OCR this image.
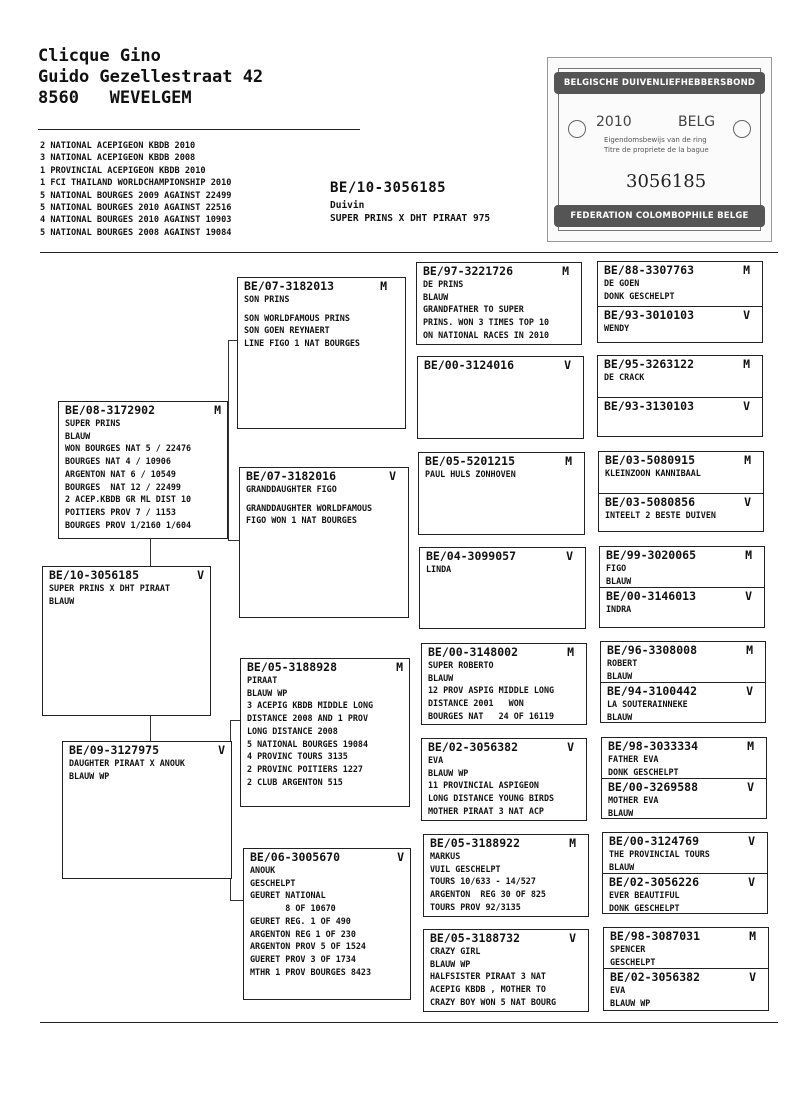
Clicque Gino
Guido Gezellestraat 42
8560 WEVELGEM
2 NATIONAL ACEPIGEON KBDB 2010
3 NATIONAL ACEPIGEON KBDB 2008
1 PROVINCIAL ACEPIGEON KBDB 2010
1 FCI THAILAND WORLDCHAMPIONSHIP 2010
5 NATIONAL BOURGES 2009 AGAINST 22499
5 NATIONAL BOURGES 2010 AGAINST 22516
4 NATIONAL BOURGES 2010 AGAINST 10903
5 NATIONAL BOURGES 2008 AGAINST 19084
BE/10-3056185
Duivin
SUPER PRINS X DHT PIRAAT 975
BELGISCHE DUIVENLIEFHEBBERSBOND
2010	BELG
Eigendomsbewijs van de ring
Titre de propriete de la bague
3056185
FEDERATION COLOMBOPHILE BELGE
BE/10-3056185	V
SUPER PRINS X DHT PIRAAT
BLAUW
BE/08-3172902	M
SUPER PRINS
BLAUW
WON BOURGES NAT 5 / 22476
BOURGES NAT 4 / 10906
ARGENTON NAT 6 / 10549
BOURGES  NAT 12 / 22499
2 ACEP.KBDB GR ML DIST 10
POITIERS PROV 7 / 1153
BOURGES PROV 1/2160 1/604
BE/09-3127975	V
DAUGHTER PIRAAT X ANOUK
BLAUW WP
BE/07-3182013	M
SON PRINS
SON WORLDFAMOUS PRINS
SON GOEN REYNAERT
LINE FIGO 1 NAT BOURGES
BE/07-3182016	V
GRANDDAUGHTER FIGO
GRANDDAUGHTER WORLDFAMOUS
FIGO WON 1 NAT BOURGES
BE/05-3188928	M
PIRAAT
BLAUW WP
3 ACEPIG KBDB MIDDLE LONG
DISTANCE 2008 AND 1 PROV
LONG DISTANCE 2008
5 NATIONAL BOURGES 19084
4 PROVINC TOURS 3135
2 PROVINC POITIERS 1227
2 CLUB ARGENTON 515
BE/06-3005670	V
ANOUK
GESCHELPT
GEURET NATIONAL
8 OF 10670
GEURET REG. 1 OF 490
ARGENTON REG 1 OF 230
ARGENTON PROV 5 OF 1524
GUERET PROV 3 OF 1734
MTHR 1 PROV BOURGES 8423
BE/97-3221726	M
DE PRINS
BLAUW
GRANDFATHER TO SUPER
PRINS. WON 3 TIMES TOP 10
ON NATIONAL RACES IN 2010
BE/00-3124016	V
BE/05-5201215	M
PAUL HULS ZONHOVEN
BE/04-3099057	V
LINDA
BE/00-3148002	M
SUPER ROBERTO
BLAUW
12 PROV ASPIG MIDDLE LONG
DISTANCE 2001   WON
BOURGES NAT   24 OF 16119
BE/02-3056382	V
EVA
BLAUW WP
11 PROVINCIAL ASPIGEON
LONG DISTANCE YOUNG BIRDS
MOTHER PIRAAT 3 NAT ACP
BE/05-3188922	M
MARKUS
VUIL GESCHELPT
TOURS 10/633 - 14/527
ARGENTON  REG 30 OF 825
TOURS PROV 92/3135
BE/05-3188732	V
CRAZY GIRL
BLAUW WP
HALFSISTER PIRAAT 3 NAT
ACEPIG KBDB , MOTHER TO
CRAZY BOY WON 5 NAT BOURG
BE/88-3307763	M
DE GOEN
DONK GESCHELPT
BE/93-3010103	V
WENDY
BE/95-3263122	M
DE CRACK
BE/93-3130103	V
BE/03-5080915	M
KLEINZOON KANNIBAAL
BE/03-5080856	V
INTEELT 2 BESTE DUIVEN
BE/99-3020065	M
FIGO
BLAUW
BE/00-3146013	V
INDRA
BE/96-3308008	M
ROBERT
BLAUW
BE/94-3100442	V
LA SOUTERAINNEKE
BLAUW
BE/98-3033334	M
FATHER EVA
DONK GESCHELPT
BE/00-3269588	V
MOTHER EVA
BLAUW
BE/00-3124769	V
THE PROVINCIAL TOURS
BLAUW
BE/02-3056226	V
EVER BEAUTIFUL
DONK GESCHELPT
BE/98-3087031	M
SPENCER
GESCHELPT
BE/02-3056382	V
EVA
BLAUW WP
